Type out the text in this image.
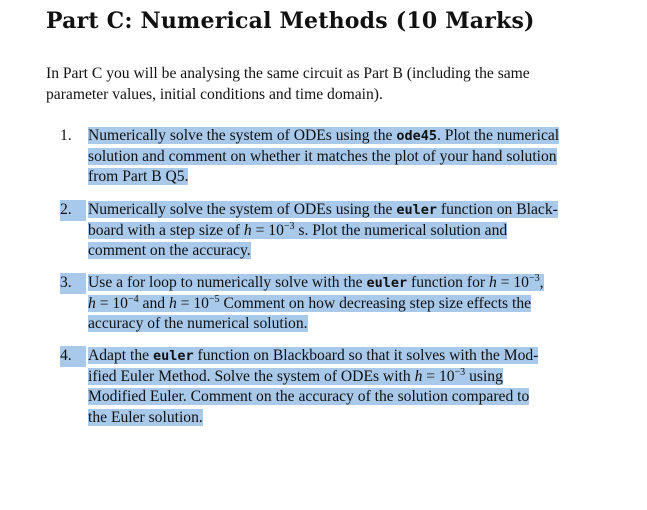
Part C: Numerical Methods (10 Marks)
In Part C you will be analysing the same circuit as Part B (including the same
parameter values, initial conditions and time domain).
1.	Numerically solve the system of ODEs using the ode45. Plot the numerical
solution and comment on whether it matches the plot of your hand solution
from Part B Q5.
2.	Numerically solve the system of ODEs using the euler function on Black-
board with a step size of $h = 10^{-3}$ s. Plot the numerical solution and
comment on the accuracy.
3.	Use a for loop to numerically solve with the euler function for $h = 10^{-3}$,
$h = 10^{-4}$ and $h = 10^{-5}$ Comment on how decreasing step size effects the
accuracy of the numerical solution.
4.	Adapt the euler function on Blackboard so that it solves with the Mod-
ified Euler Method. Solve the system of ODEs with $h = 10^{-3}$ using
Modified Euler. Comment on the accuracy of the solution compared to
the Euler solution.
